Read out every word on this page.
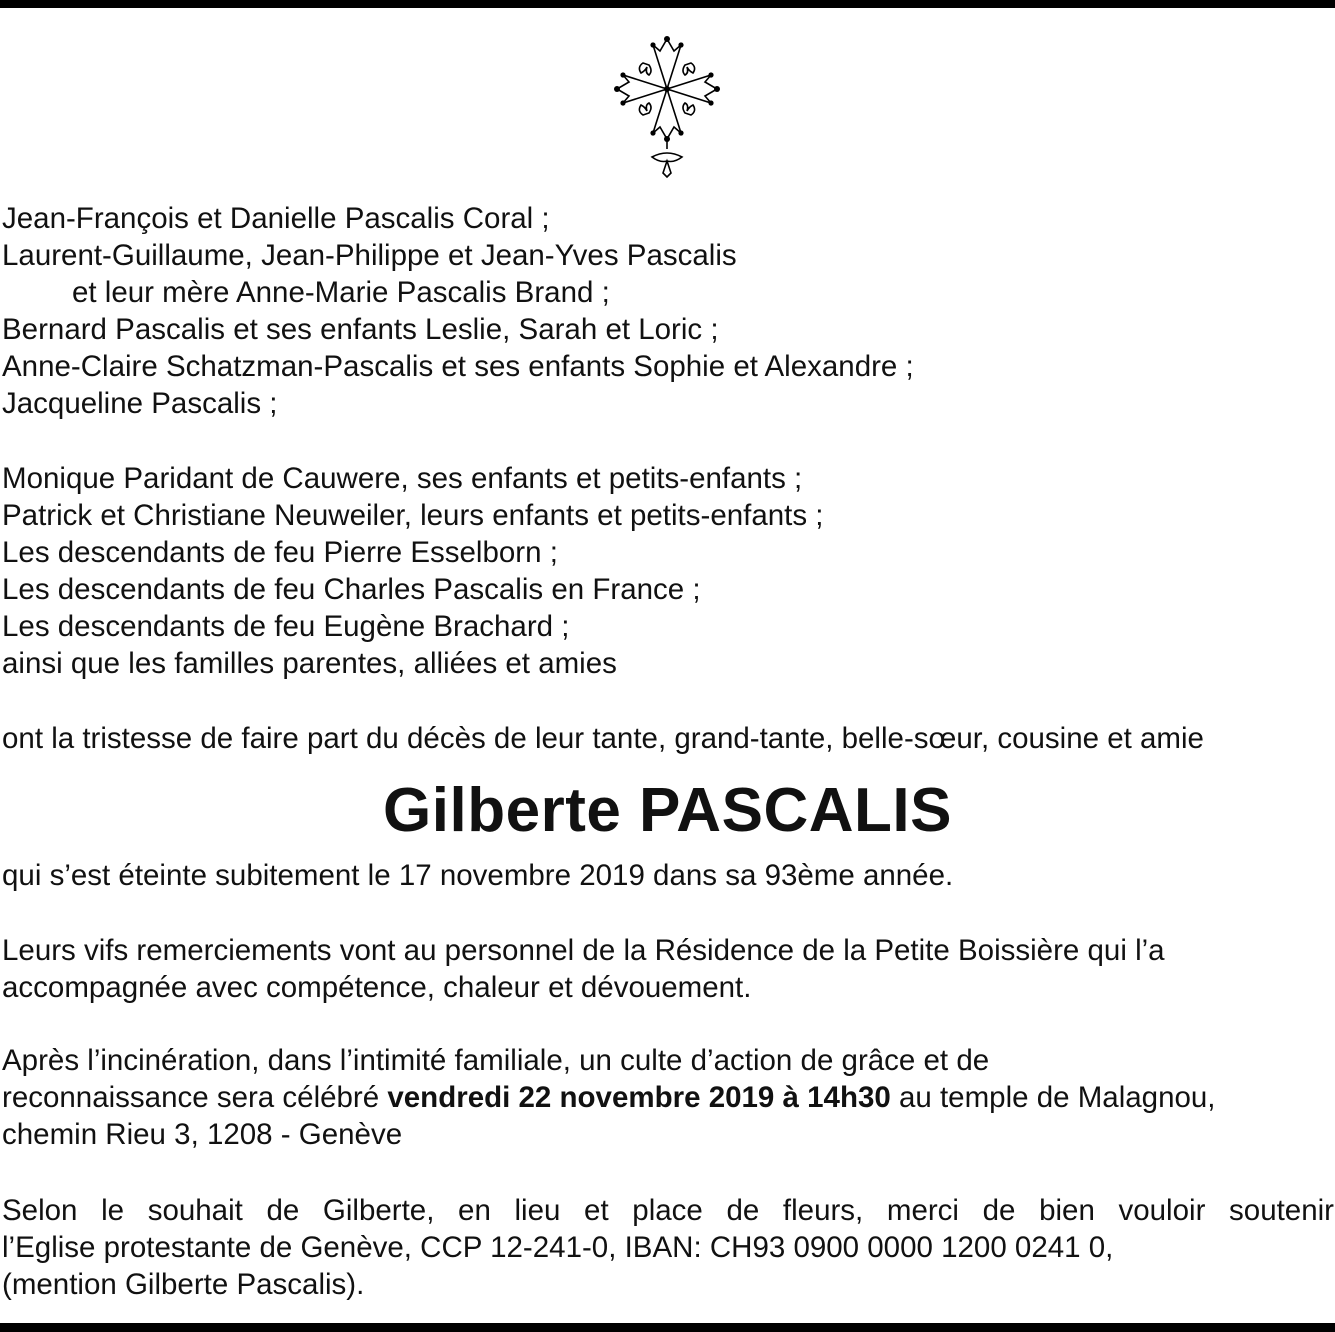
Jean-François et Danielle Pascalis Coral ;

Laurent-Guillaume, Jean-Philippe et Jean-Yves Pascalis

et leur mère Anne-Marie Pascalis Brand ;

Bernard Pascalis et ses enfants Leslie, Sarah et Loric ;

Anne-Claire Schatzman-Pascalis et ses enfants Sophie et Alexandre ;

Jacqueline Pascalis ;

Monique Paridant de Cauwere, ses enfants et petits-enfants ;

Patrick et Christiane Neuweiler, leurs enfants et petits-enfants ;

Les descendants de feu Pierre Esselborn ;

Les descendants de feu Charles Pascalis en France ;

Les descendants de feu Eugène Brachard ;

ainsi que les familles parentes, alliées et amies

ont la tristesse de faire part du décès de leur tante, grand-tante, belle-sœur, cousine et amie

Gilberte PASCALIS

qui s’est éteinte subitement le 17 novembre 2019 dans sa 93ème année.

Leurs vifs remerciements vont au personnel de la Résidence de la Petite Boissière qui l’a

accompagnée avec compétence, chaleur et dévouement.

Après l’incinération, dans l’intimité familiale, un culte d’action de grâce et de

reconnaissance sera célébré vendredi 22 novembre 2019 à 14h30 au temple de Malagnou,

chemin Rieu 3, 1208 - Genève

Selon le souhait de Gilberte, en lieu et place de fleurs, merci de bien vouloir soutenir

l’Eglise protestante de Genève, CCP 12-241-0, IBAN: CH93 0900 0000 1200 0241 0,

(mention Gilberte Pascalis).
